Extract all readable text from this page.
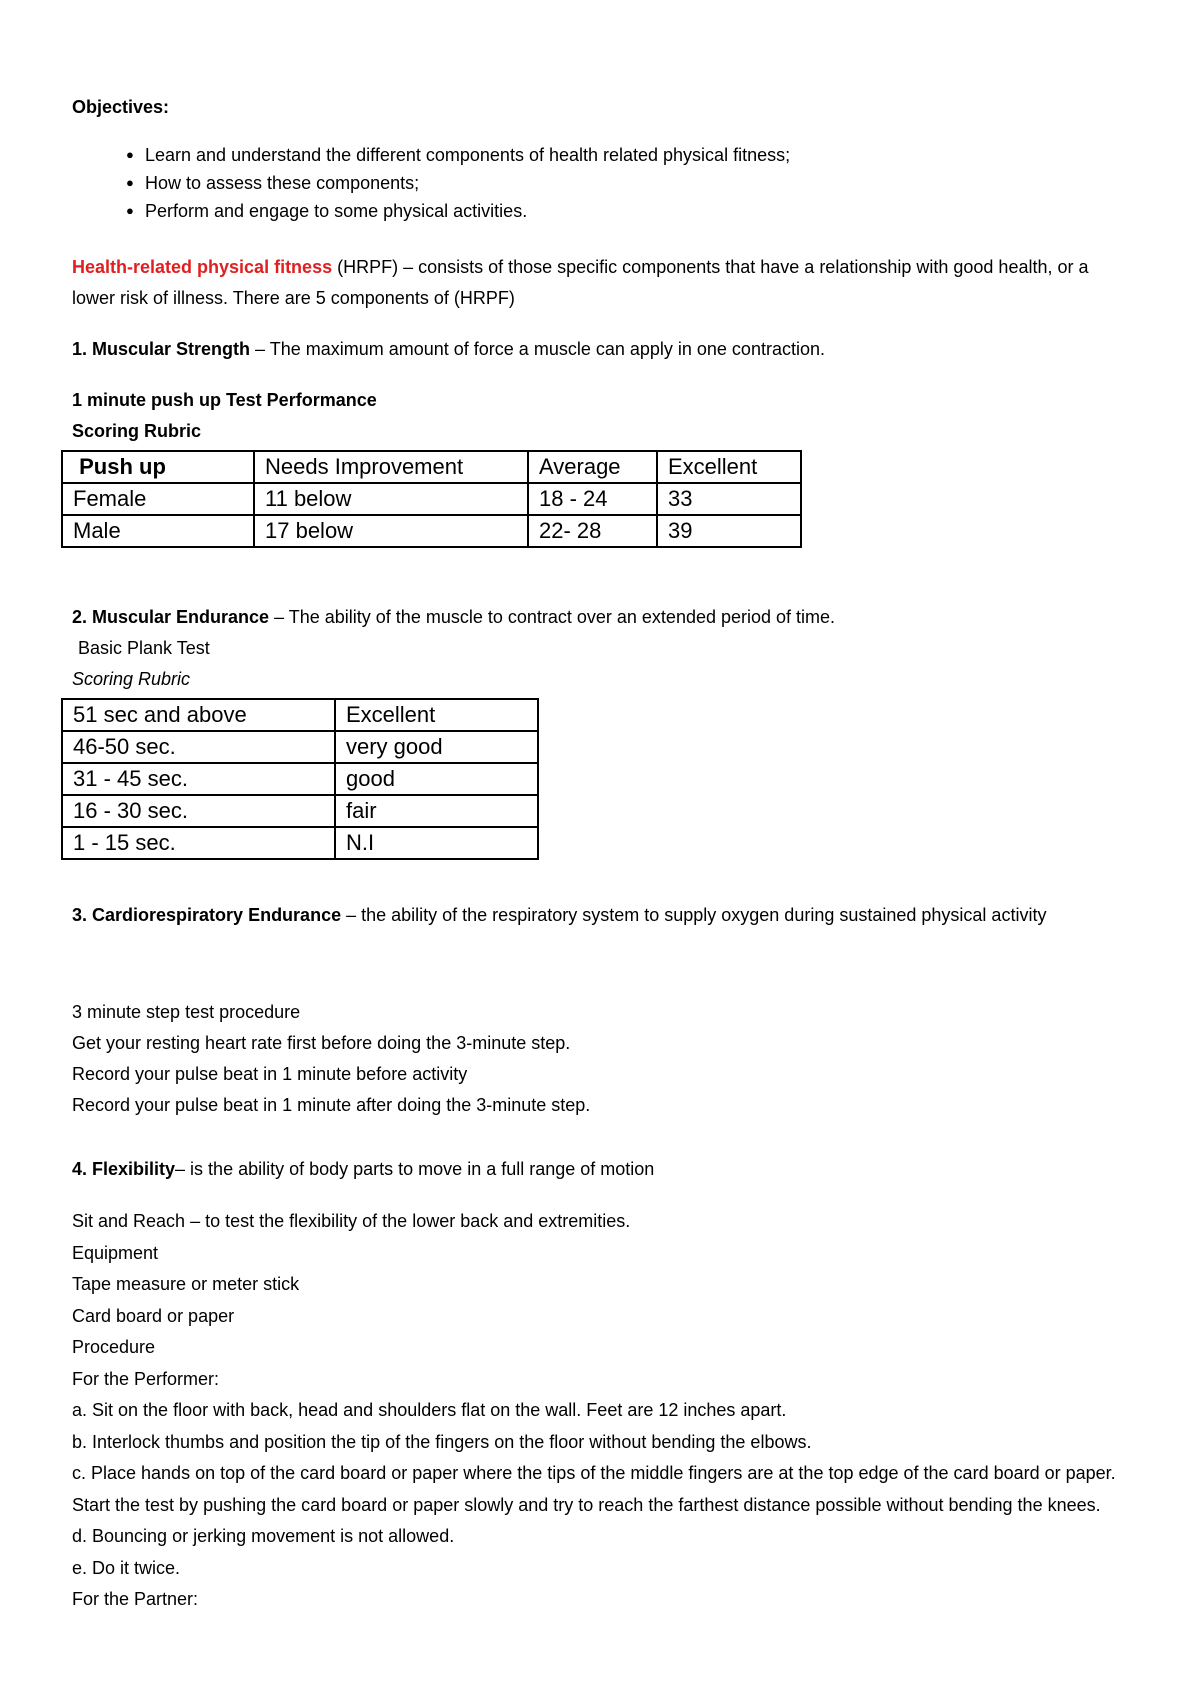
Objectives:
● Learn and understand the different components of health related physical fitness;
● How to assess these components;
● Perform and engage to some physical activities.
Health-related physical fitness (HRPF) – consists of those specific components that have a relationship with good health, or a lower risk of illness. There are 5 components of (HRPF)
1. Muscular Strength – The maximum amount of force a muscle can apply in one contraction.
1 minute push up Test Performance
Scoring Rubric
Push up	Needs Improvement	Average	Excellent
Female	11 below	18 - 24	33
Male	17 below	22- 28	39
2. Muscular Endurance – The ability of the muscle to contract over an extended period of time.
Basic Plank Test
Scoring Rubric
51 sec and above	Excellent
46-50 sec.	very good
31 - 45 sec.	good
16 - 30 sec.	fair
1 - 15 sec.	N.I
3. Cardiorespiratory Endurance – the ability of the respiratory system to supply oxygen during sustained physical activity
3 minute step test procedure
Get your resting heart rate first before doing the 3-minute step.
Record your pulse beat in 1 minute before activity
Record your pulse beat in 1 minute after doing the 3-minute step.
4. Flexibility– is the ability of body parts to move in a full range of motion
Sit and Reach – to test the flexibility of the lower back and extremities.
Equipment
Tape measure or meter stick
Card board or paper
Procedure
For the Performer:
a. Sit on the floor with back, head and shoulders flat on the wall. Feet are 12 inches apart.
b. Interlock thumbs and position the tip of the fingers on the floor without bending the elbows.
c. Place hands on top of the card board or paper where the tips of the middle fingers are at the top edge of the card board or paper. Start the test by pushing the card board or paper slowly and try to reach the farthest distance possible without bending the knees.
d. Bouncing or jerking movement is not allowed.
e. Do it twice.
For the Partner:
